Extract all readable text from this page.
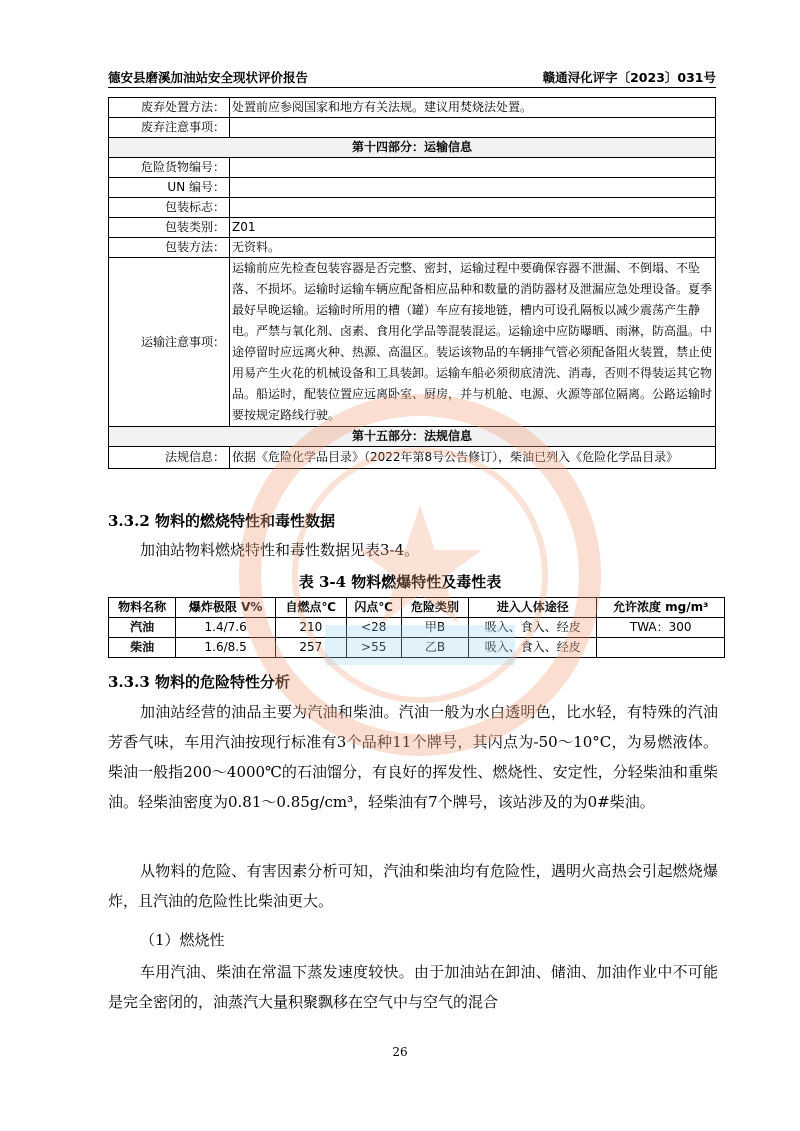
德安县磨溪加油站安全现状评价报告	赣通浔化评字〔2023〕031号
废弃处置方法：	处置前应参阅国家和地方有关法规。建议用焚烧法处置。
废弃注意事项：	
第十四部分：运输信息	
危险货物编号：	
UN 编号：	
包装标志：	
包装类别：	Z01
包装方法：	无资料。
运输注意事项：	运输前应先检查包装容器是否完整、密封，运输过程中要确保容器不泄漏、不倒塌、不坠落、不损坏。运输时运输车辆应配备相应品种和数量的消防器材及泄漏应急处理设备。夏季最好早晚运输。运输时所用的槽（罐）车应有接地链，槽内可设孔隔板以减少震荡产生静电。严禁与氧化剂、卤素、食用化学品等混装混运。运输途中应防曝晒、雨淋，防高温。中途停留时应远离火种、热源、高温区。装运该物品的车辆排气管必须配备阻火装置，禁止使用易产生火花的机械设备和工具装卸。运输车船必须彻底清洗、消毒，否则不得装运其它物品。船运时，配装位置应远离卧室、厨房，并与机舱、电源、火源等部位隔离。公路运输时要按规定路线行驶。
第十五部分：法规信息	
法规信息：	依据《危险化学品目录》（2022年第8号公告修订），柴油已列入《危险化学品目录》
3.3.2 物料的燃烧特性和毒性数据
加油站物料燃烧特性和毒性数据见表3-4。
表 3-4 物料燃爆特性及毒性表
物料名称	爆炸极限 V%	自燃点℃	闪点℃	危险类别	进入人体途径	允许浓度 mg/m³
汽油	1.4/7.6	210	<28	甲B	吸入、食入、经皮	TWA：300
柴油	1.6/8.5	257	>55	乙B	吸入、食入、经皮	
3.3.3 物料的危险特性分析
加油站经营的油品主要为汽油和柴油。汽油一般为水白透明色，比水轻，有特殊的汽油芳香气味，车用汽油按现行标准有3个品种11个牌号，其闪点为-50～10°C，为易燃液体。柴油一般指200～4000℃的石油馏分，有良好的挥发性、燃烧性、安定性，分轻柴油和重柴油。轻柴油密度为0.81～0.85g/cm³，轻柴油有7个牌号，该站涉及的为0#柴油。
从物料的危险、有害因素分析可知，汽油和柴油均有危险性，遇明火高热会引起燃烧爆炸，且汽油的危险性比柴油更大。
（1）燃烧性
车用汽油、柴油在常温下蒸发速度较快。由于加油站在卸油、储油、加油作业中不可能是完全密闭的，油蒸汽大量积聚飘移在空气中与空气的混合
26
